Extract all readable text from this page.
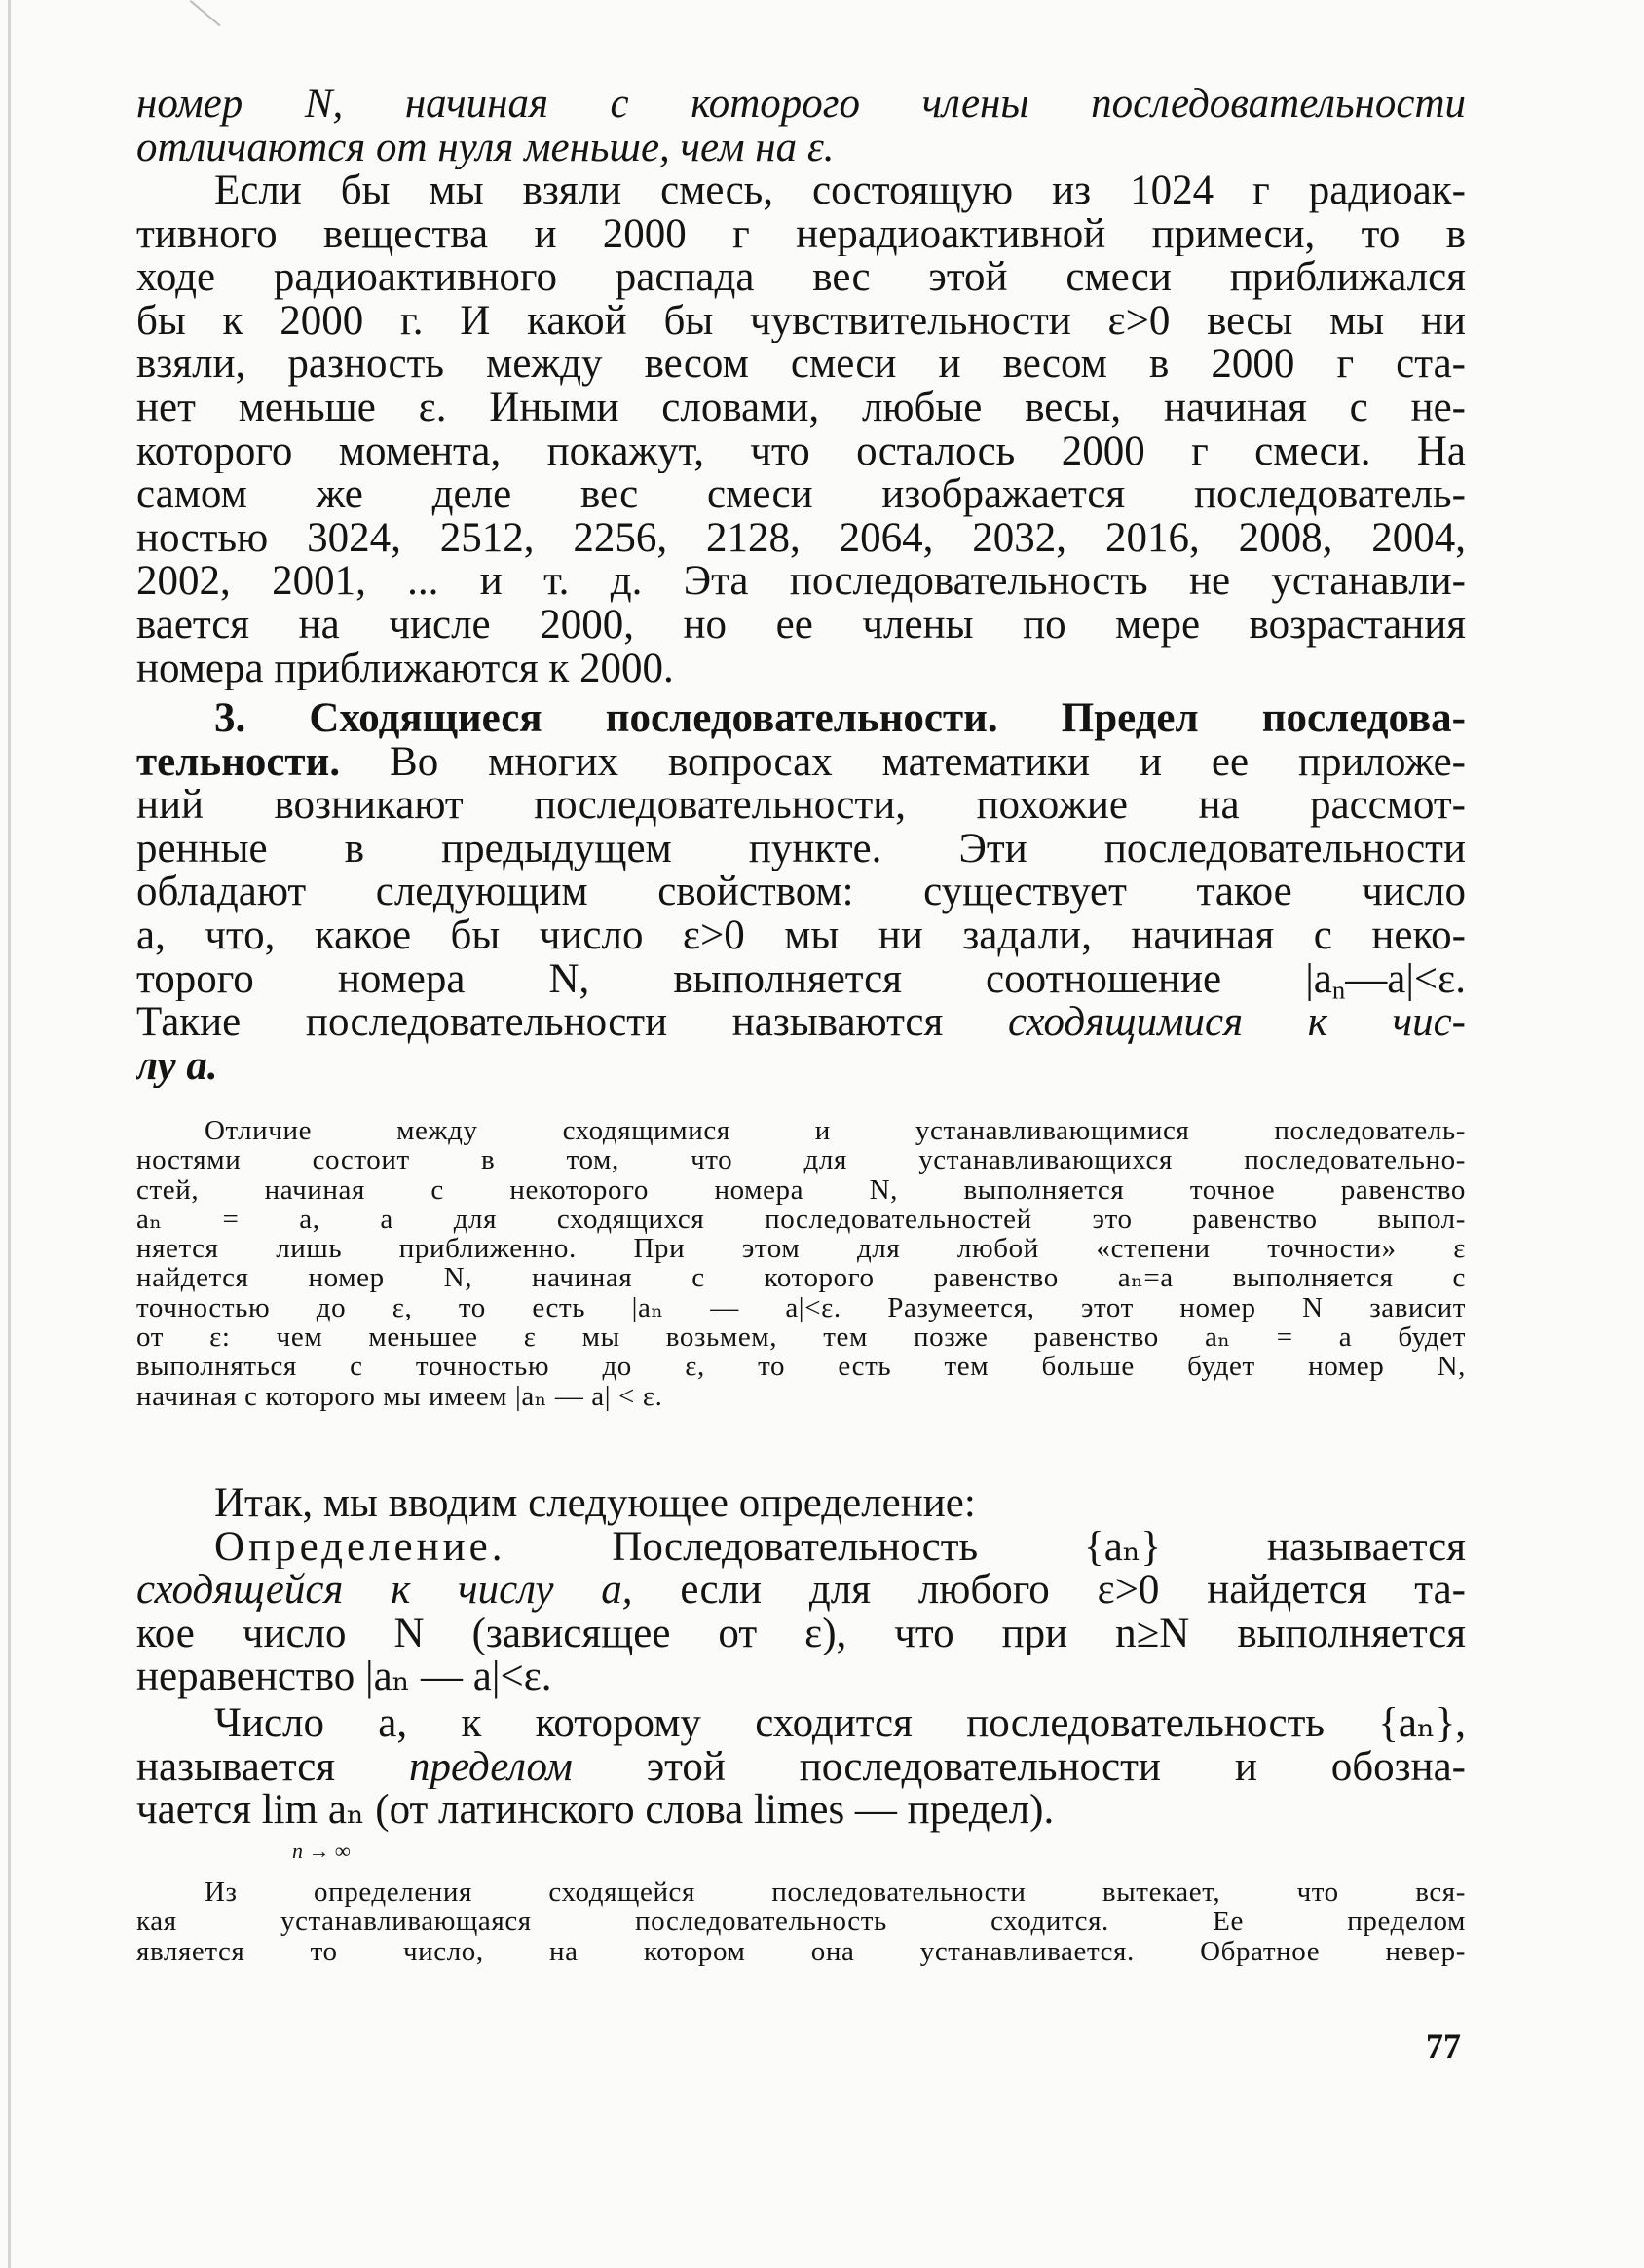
номер N, начиная с которого члены последовательности
отличаются от нуля меньше, чем на ε.
Если бы мы взяли смесь, состоящую из 1024 г радиоак-
тивного вещества и 2000 г нерадиоактивной примеси, то в
ходе радиоактивного распада вес этой смеси приближался
бы к 2000 г. И какой бы чувствительности ε>0 весы мы ни
взяли, разность между весом смеси и весом в 2000 г ста-
нет меньше ε. Иными словами, любые весы, начиная с не-
которого момента, покажут, что осталось 2000 г смеси. На
самом же деле вес смеси изображается последователь-
ностью 3024, 2512, 2256, 2128, 2064, 2032, 2016, 2008, 2004,
2002, 2001, ... и т. д. Эта последовательность не устанавли-
вается на числе 2000, но ее члены по мере возрастания
номера приближаются к 2000.
3. Сходящиеся последовательности. Предел последова-
тельности. Во многих вопросах математики и ее приложе-
ний возникают последовательности, похожие на рассмот-
ренные в предыдущем пункте. Эти последовательности
обладают следующим свойством: существует такое число
a, что, какое бы число ε>0 мы ни задали, начиная с неко-
торого номера N, выполняется соотношение $|a_n—a|<\varepsilon$.
Такие последовательности называются сходящимися к чис-
лу a.
Отличие между сходящимися и устанавливающимися последователь-
ностями состоит в том, что для устанавливающихся последовательно-
стей, начиная с некоторого номера N, выполняется точное равенство
aₙ = a, а для сходящихся последовательностей это равенство выпол-
няется лишь приближенно. При этом для любой «степени точности» ε
найдется номер N, начиная с которого равенство aₙ=a выполняется с
точностью до ε, то есть |aₙ — a|<ε. Разумеется, этот номер N зависит
от ε: чем меньшее ε мы возьмем, тем позже равенство aₙ = a будет
выполняться с точностью до ε, то есть тем больше будет номер N,
начиная с которого мы имеем |aₙ — a| < ε.
Итак, мы вводим следующее определение:
Определение. Последовательность {aₙ} называется
сходящейся к числу a, если для любого ε>0 найдется та-
кое число N (зависящее от ε), что при n≥N выполняется
неравенство |aₙ — a|<ε.
Число a, к которому сходится последовательность {aₙ},
называется пределом этой последовательности и обозна-
чается lim aₙ (от латинского слова limes — предел).
n → ∞
Из определения сходящейся последовательности вытекает, что вся-
кая устанавливающаяся последовательность сходится. Ее пределом
является то число, на котором она устанавливается. Обратное невер-
77
